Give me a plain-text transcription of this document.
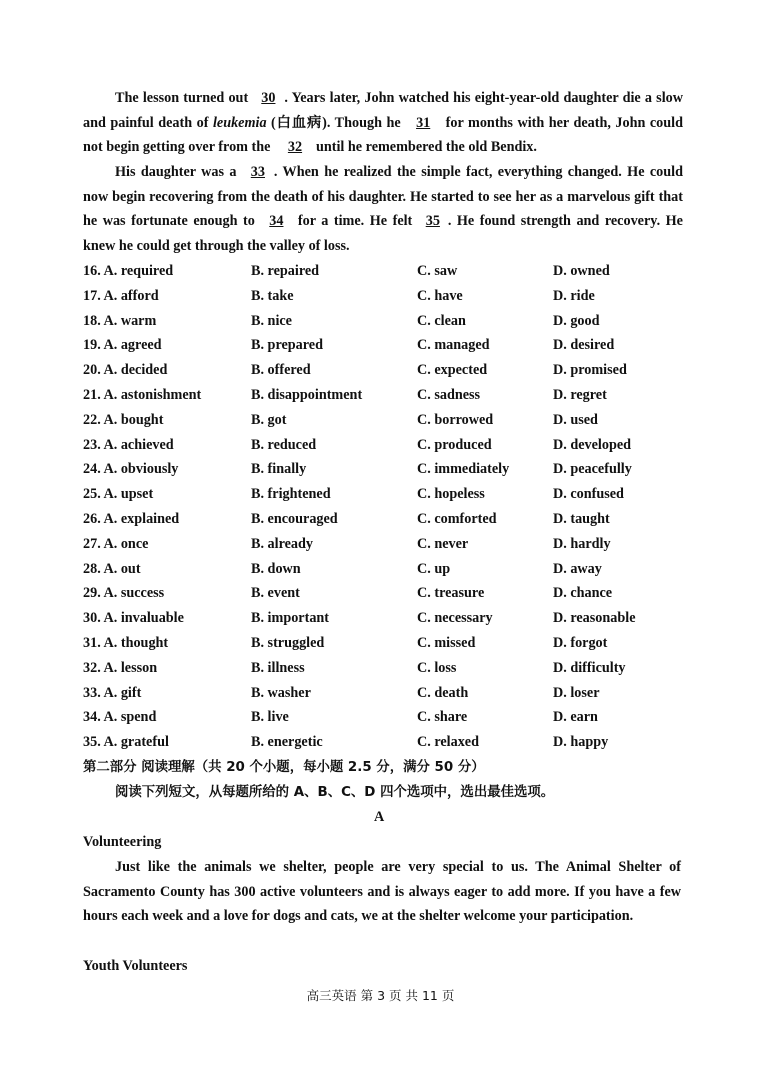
The lesson turned out 30 . Years later, John watched his eight-year-old daughter die a slow and painful death of leukemia (白血病). Though he 31 for months with her death, John could not begin getting over from the 32 until he remembered the old Bendix.

His daughter was a 33 . When he realized the simple fact, everything changed. He could now begin recovering from the death of his daughter. He started to see her as a marvelous gift that he was fortunate enough to 34 for a time. He felt 35 . He found strength and recovery. He knew he could get through the valley of loss.

16. A. required	B. repaired	C. saw	D. owned
17. A. afford	B. take	C. have	D. ride
18. A. warm	B. nice	C. clean	D. good
19. A. agreed	B. prepared	C. managed	D. desired
20. A. decided	B. offered	C. expected	D. promised
21. A. astonishment	B. disappointment	C. sadness	D. regret
22. A. bought	B. got	C. borrowed	D. used
23. A. achieved	B. reduced	C. produced	D. developed
24. A. obviously	B. finally	C. immediately	D. peacefully
25. A. upset	B. frightened	C. hopeless	D. confused
26. A. explained	B. encouraged	C. comforted	D. taught
27. A. once	B. already	C. never	D. hardly
28. A. out	B. down	C. up	D. away
29. A. success	B. event	C. treasure	D. chance
30. A. invaluable	B. important	C. necessary	D. reasonable
31. A. thought	B. struggled	C. missed	D. forgot
32. A. lesson	B. illness	C. loss	D. difficulty
33. A. gift	B. washer	C. death	D. loser
34. A. spend	B. live	C. share	D. earn
35. A. grateful	B. energetic	C. relaxed	D. happy
第二部分 阅读理解（共 20 个小题，每小题 2.5 分，满分 50 分）
阅读下列短文，从每题所给的 A、B、C、D 四个选项中，选出最佳选项。
A
Volunteering

Just like the animals we shelter, people are very special to us. The Animal Shelter of Sacramento County has 300 active volunteers and is always eager to add more. If you have a few hours each week and a love for dogs and cats, we at the shelter welcome your participation.

Youth Volunteers
高三英语 第 3 页 共 11 页
